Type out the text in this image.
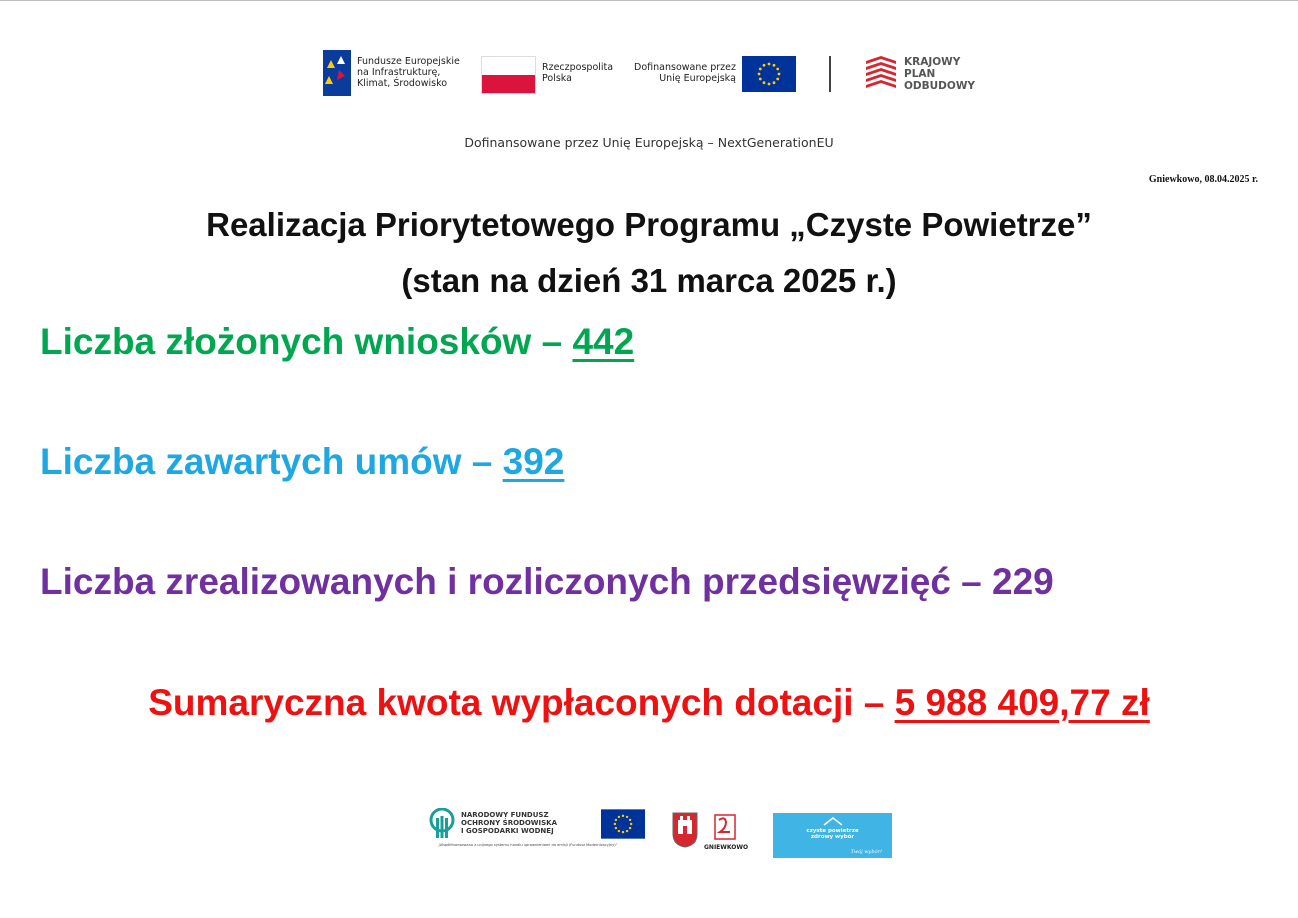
Fundusze Europejskie
na Infrastrukturę,
Klimat, Środowisko
Rzeczpospolita
Polska
Dofinansowane przez
Unię Europejską
KRAJOWY
PLAN
ODBUDOWY
Dofinansowane przez Unię Europejską – NextGenerationEU
Gniewkowo, 08.04.2025 r.
Realizacja Priorytetowego Programu „Czyste Powietrze”
(stan na dzień 31 marca 2025 r.)
Liczba złożonych wniosków – 442
Liczba zawartych umów – 392
Liczba zrealizowanych i rozliczonych przedsięwzięć – 229
Sumaryczna kwota wypłaconych dotacji – 5 988 409,77 zł
NARODOWY FUNDUSZ
OCHRONY ŚRODOWISKA
I GOSPODARKI WODNEJ
„Współfinansowano z unijnego systemu handlu uprawnieniami do emisji (Fundusz Modernizacyjny)”	GNIEWKOWO
czyste powietrze
zdrowy wybór
Twój wybór!
